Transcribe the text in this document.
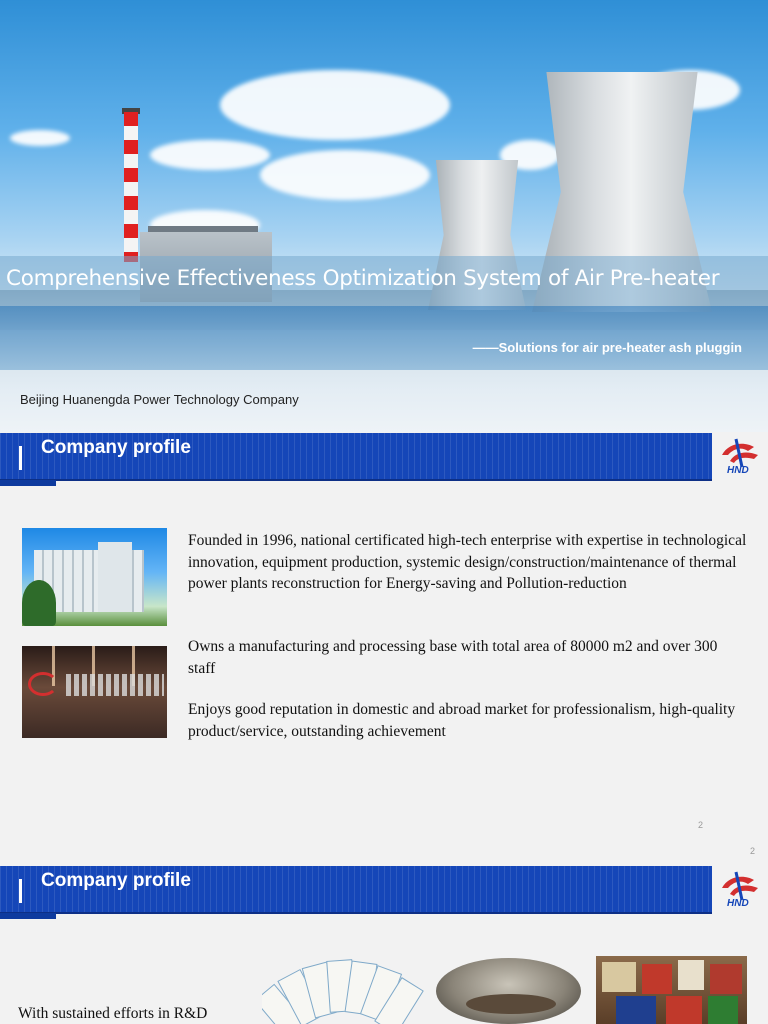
Comprehensive Effectiveness Optimization System of Air Pre-heater
——Solutions for air pre-heater ash pluggin
Beijing Huanengda Power Technology Company
Company profile
HND

Founded in 1996, national certificated high-tech enterprise with expertise in technological innovation, equipment production, systemic design/construction/maintenance of thermal power plants reconstruction for Energy-saving and Pollution-reduction

Owns a manufacturing and processing base with total area of 80000 m2 and over 300 staff

Enjoys good reputation in domestic and abroad market for professionalism, high-quality product/service, outstanding achievement

2
2
Company profile
HND
With sustained efforts in R&D
